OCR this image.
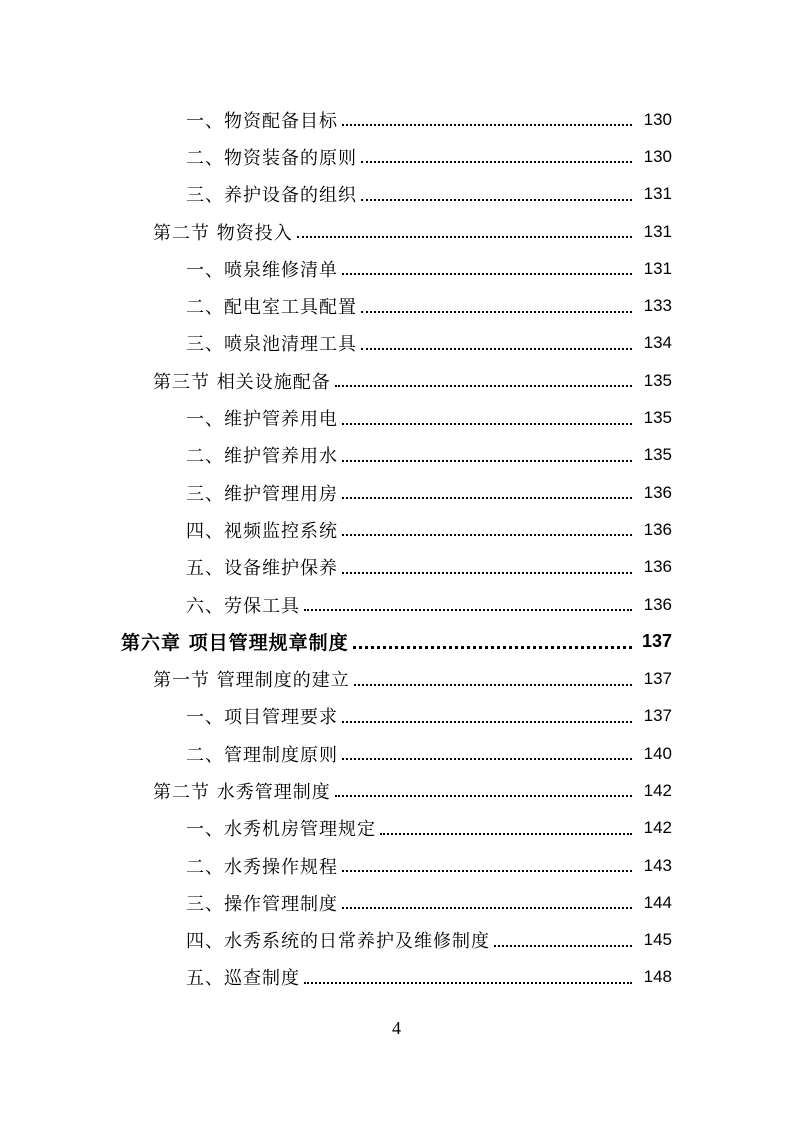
一、物资配备目标	130
二、物资装备的原则	130
三、养护设备的组织	131
第二节 物资投入	131
一、喷泉维修清单	131
二、配电室工具配置	133
三、喷泉池清理工具	134
第三节 相关设施配备	135
一、维护管养用电	135
二、维护管养用水	135
三、维护管理用房	136
四、视频监控系统	136
五、设备维护保养	136
六、劳保工具	136
第六章 项目管理规章制度	137
第一节 管理制度的建立	137
一、项目管理要求	137
二、管理制度原则	140
第二节 水秀管理制度	142
一、水秀机房管理规定	142
二、水秀操作规程	143
三、操作管理制度	144
四、水秀系统的日常养护及维修制度	145
五、巡查制度	148
4
